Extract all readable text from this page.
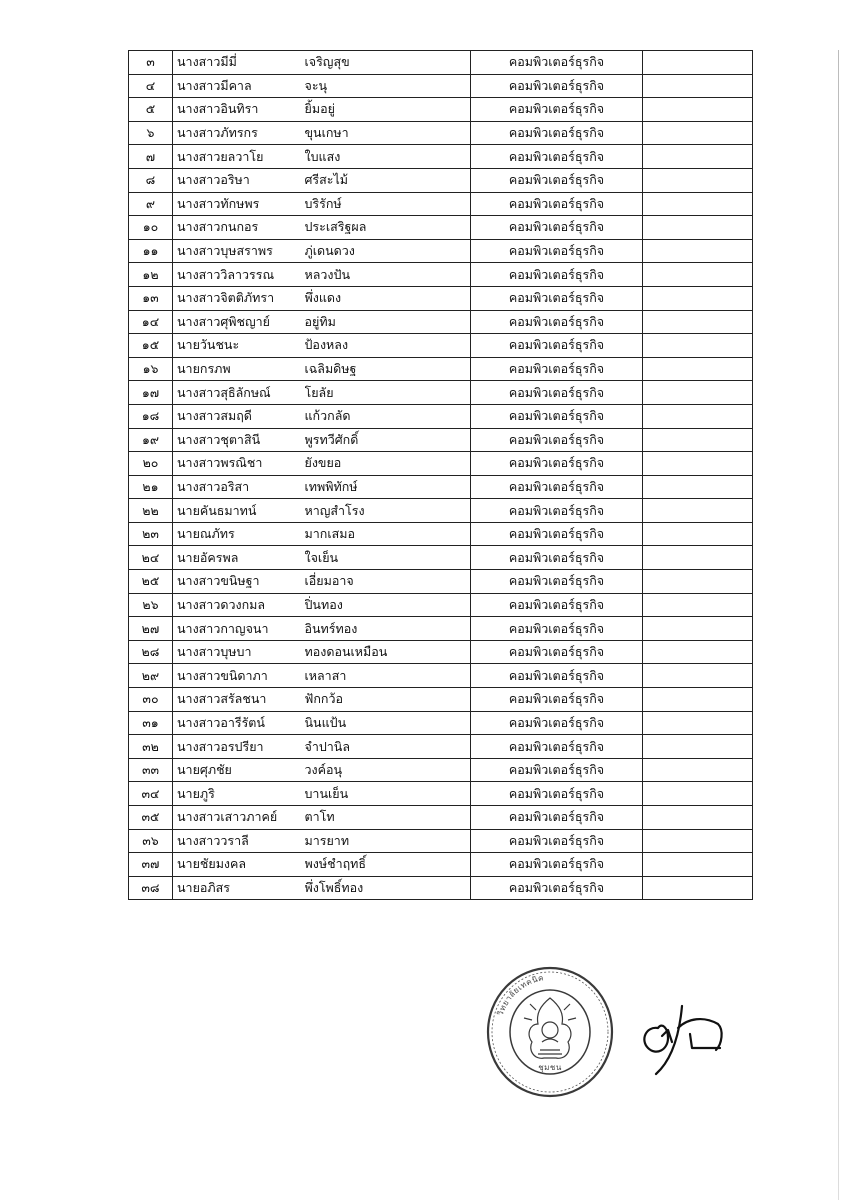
๓	นางสาวมีมี่	เจริญสุข	คอมพิวเตอร์ธุรกิจ	
๔	นางสาวมีคาล	จะนุ	คอมพิวเตอร์ธุรกิจ	
๕	นางสาวอินทิรา	ยิ้มอยู่	คอมพิวเตอร์ธุรกิจ	
๖	นางสาวภัทรกร	ขุนเกษา	คอมพิวเตอร์ธุรกิจ	
๗	นางสาวยลวาโย	ใบแสง	คอมพิวเตอร์ธุรกิจ	
๘	นางสาวอริษา	ศรีสะไม้	คอมพิวเตอร์ธุรกิจ	
๙	นางสาวทักษพร	บริรักษ์	คอมพิวเตอร์ธุรกิจ	
๑๐	นางสาวกนกอร	ประเสริฐผล	คอมพิวเตอร์ธุรกิจ	
๑๑	นางสาวบุษสราพร	ภู่เดนดวง	คอมพิวเตอร์ธุรกิจ	
๑๒	นางสาววิลาวรรณ	หลวงปัน	คอมพิวเตอร์ธุรกิจ	
๑๓	นางสาวจิตติภัทรา	พึ่งแดง	คอมพิวเตอร์ธุรกิจ	
๑๔	นางสาวศุพิชญาย์	อยู่ทิม	คอมพิวเตอร์ธุรกิจ	
๑๕	นายวันชนะ	ป้องหลง	คอมพิวเตอร์ธุรกิจ	
๑๖	นายกรภพ	เฉลิมดิษฐ	คอมพิวเตอร์ธุรกิจ	
๑๗	นางสาวสุธิลักษณ์	โยลัย	คอมพิวเตอร์ธุรกิจ	
๑๘	นางสาวสมฤดี	แก้วกลัด	คอมพิวเตอร์ธุรกิจ	
๑๙	นางสาวชุตาสินี	พูรทวีศักดิ์	คอมพิวเตอร์ธุรกิจ	
๒๐	นางสาวพรณิชา	ยังขยอ	คอมพิวเตอร์ธุรกิจ	
๒๑	นางสาวอริสา	เทพพิทักษ์	คอมพิวเตอร์ธุรกิจ	
๒๒	นายคันธมาทน์	หาญสำโรง	คอมพิวเตอร์ธุรกิจ	
๒๓	นายณภัทร	มากเสมอ	คอมพิวเตอร์ธุรกิจ	
๒๔	นายอัครพล	ใจเย็น	คอมพิวเตอร์ธุรกิจ	
๒๕	นางสาวขนิษฐา	เอี่ยมอาจ	คอมพิวเตอร์ธุรกิจ	
๒๖	นางสาวดวงกมล	ปิ่นทอง	คอมพิวเตอร์ธุรกิจ	
๒๗	นางสาวกาญจนา	อินทร์ทอง	คอมพิวเตอร์ธุรกิจ	
๒๘	นางสาวบุษบา	ทองดอนเหมือน	คอมพิวเตอร์ธุรกิจ	
๒๙	นางสาวขนิดาภา	เหลาสา	คอมพิวเตอร์ธุรกิจ	
๓๐	นางสาวสรัลชนา	ฟักกว้อ	คอมพิวเตอร์ธุรกิจ	
๓๑	นางสาวอารีรัตน์	นินแป้น	คอมพิวเตอร์ธุรกิจ	
๓๒	นางสาวอรปรียา	จำปานิล	คอมพิวเตอร์ธุรกิจ	
๓๓	นายศุภชัย	วงค์อนุ	คอมพิวเตอร์ธุรกิจ	
๓๔	นายภูริ	บานเย็น	คอมพิวเตอร์ธุรกิจ	
๓๕	นางสาวเสาวภาคย์	ตาโท	คอมพิวเตอร์ธุรกิจ	
๓๖	นางสาววราลี	มารยาท	คอมพิวเตอร์ธุรกิจ	
๓๗	นายชัยมงคล	พงษ์ชำฤทธิ์	คอมพิวเตอร์ธุรกิจ	
๓๘	นายอภิสร	พึ่งโพธิ์ทอง	คอมพิวเตอร์ธุรกิจ	
วิทยาลัยเทคนิค
ชุมชน
